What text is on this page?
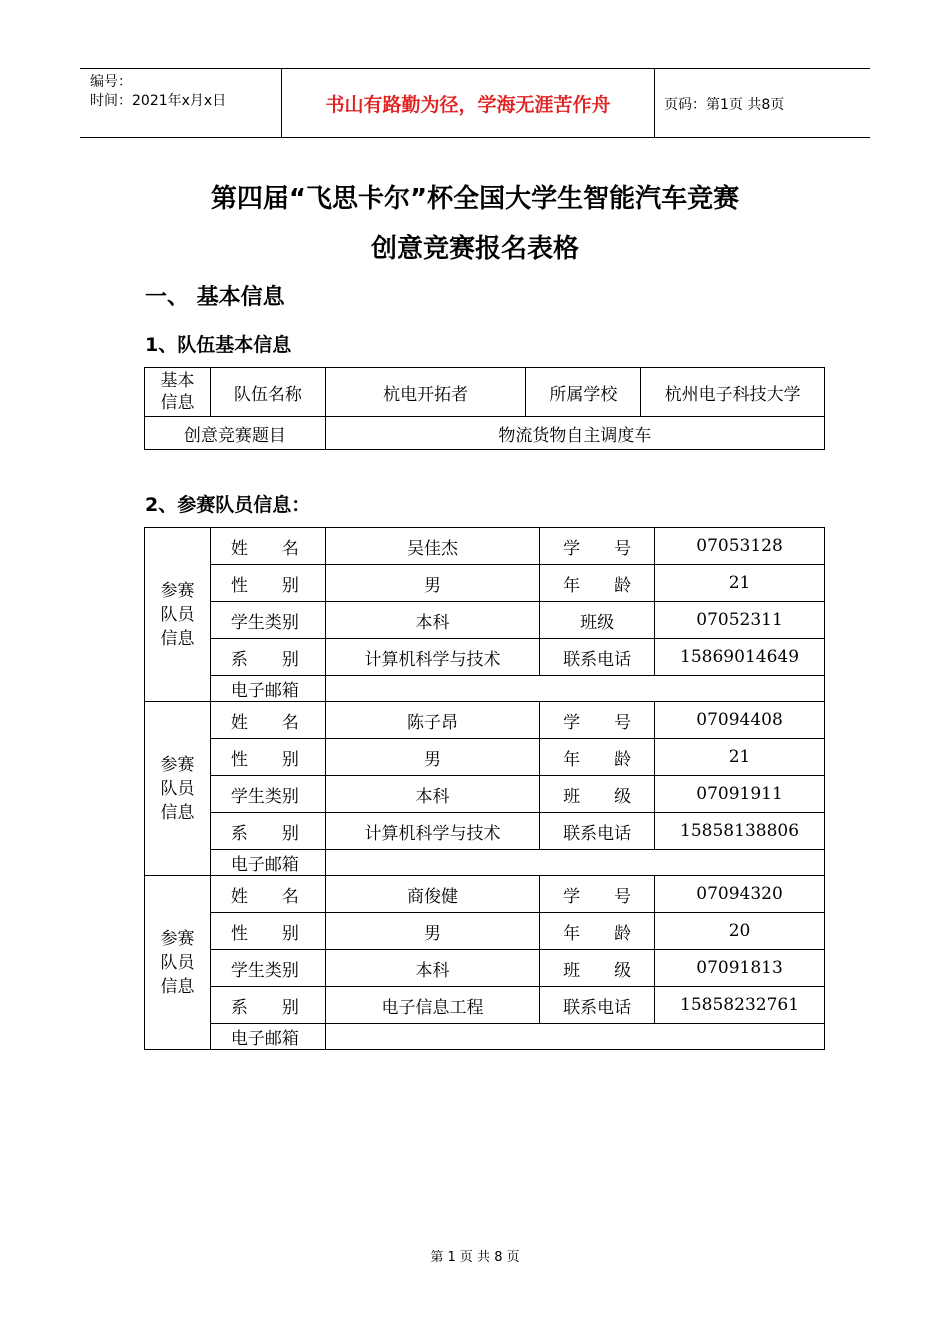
编号：
时间：2021年x月x日	书山有路勤为径，学海无涯苦作舟	页码：第1页 共8页
第四届“飞思卡尔”杯全国大学生智能汽车竞赛
创意竞赛报名表格
一、 基本信息
1、队伍基本信息
基本信息	队伍名称	杭电开拓者	所属学校	杭州电子科技大学
创意竞赛题目		物流货物自主调度车		
2、参赛队员信息：
参赛队员信息	姓　　名	吴佳杰	学　　号	07053128
	性　　别	男	年　　龄	21
	学生类别	本科	班级	07052311
	系　　别	计算机科学与技术	联系电话	15869014649
	电子邮箱			
参赛队员信息	姓　　名	陈子昂	学　　号	07094408
	性　　别	男	年　　龄	21
	学生类别	本科	班　　级	07091911
	系　　别	计算机科学与技术	联系电话	15858138806
	电子邮箱			
参赛队员信息	姓　　名	商俊健	学　　号	07094320
	性　　别	男	年　　龄	20
	学生类别	本科	班　　级	07091813
	系　　别	电子信息工程	联系电话	15858232761
	电子邮箱			
第 1 页 共 8 页
